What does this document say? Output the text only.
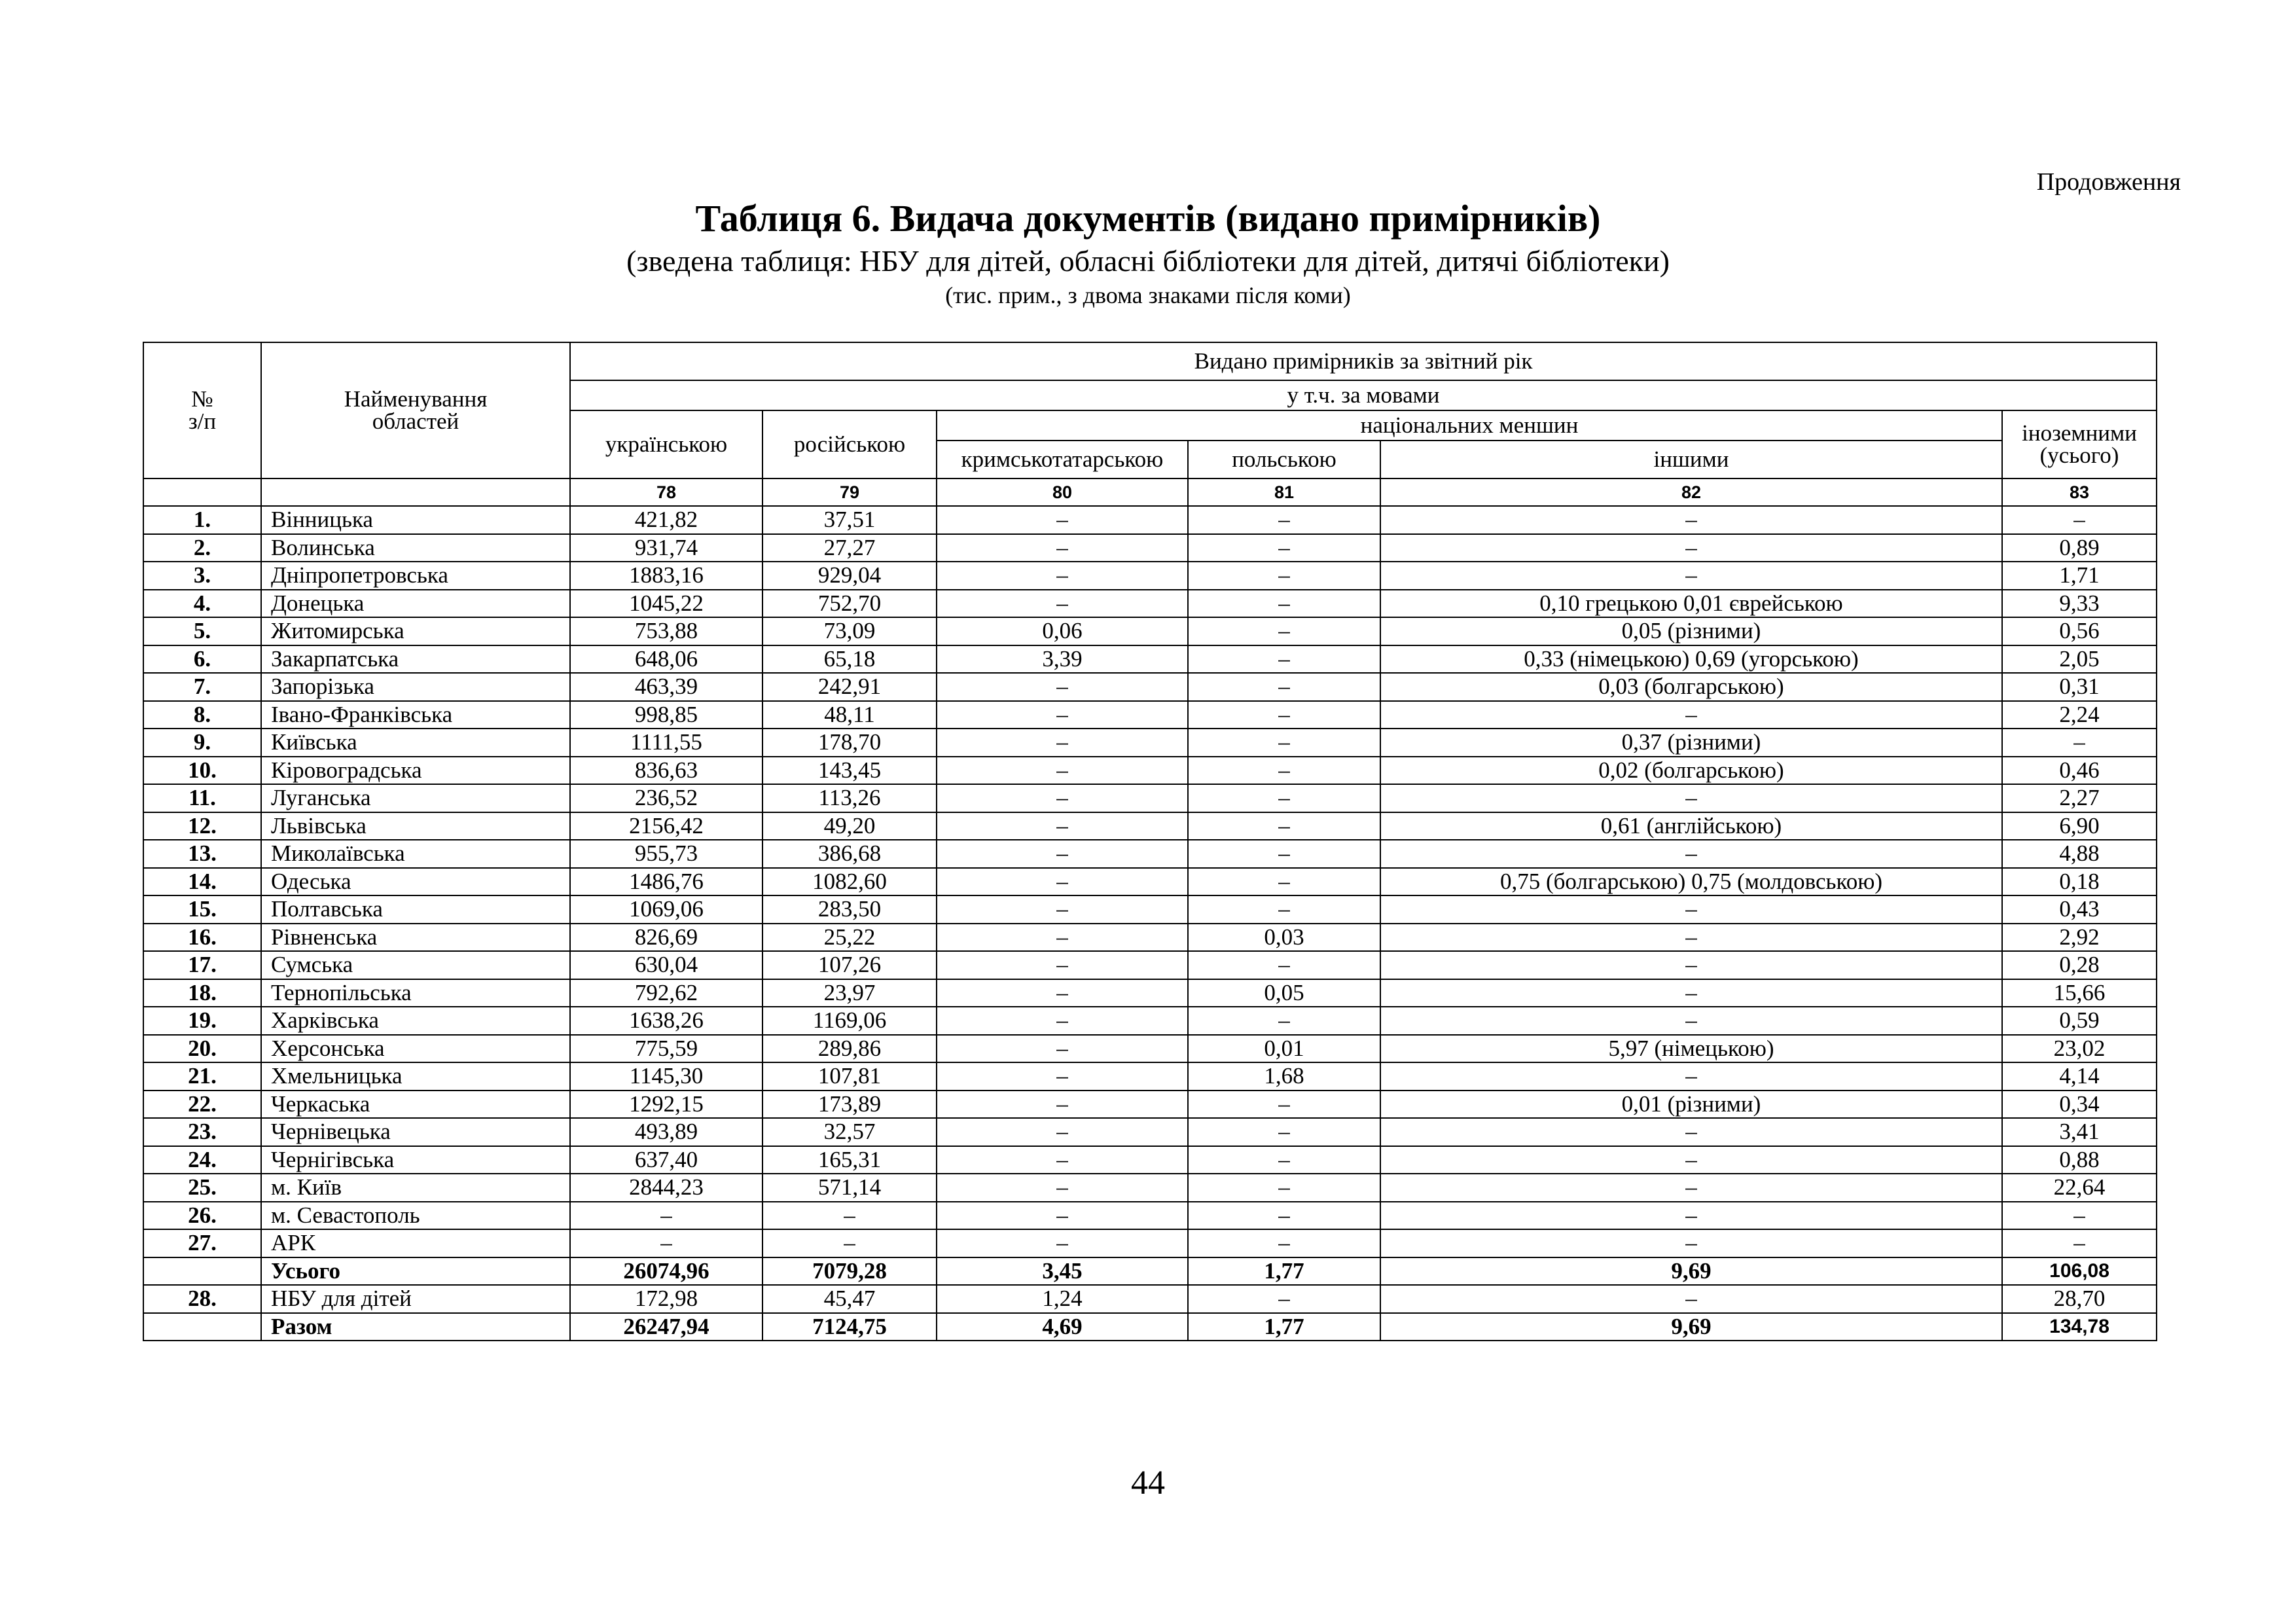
Продовження
Таблиця 6. Видача документів (видано примірників)
(зведена таблиця: НБУ для дітей, обласні бібліотеки для дітей, дитячі бібліотеки)
(тис. прим., з двома знаками після коми)
№
з/п	Найменування
областей	Видано примірників за звітний рік					
		у т.ч. за мовами					
		українською	російською	національних меншин			іноземними
(усього)
				кримськотатарською	польською	іншими	
		78	79	80	81	82	83
1.	Вінницька	421,82	37,51	–	–	–	–
2.	Волинська	931,74	27,27	–	–	–	0,89
3.	Дніпропетровська	1883,16	929,04	–	–	–	1,71
4.	Донецька	1045,22	752,70	–	–	0,10 грецькою 0,01 єврейською	9,33
5.	Житомирська	753,88	73,09	0,06	–	0,05 (різними)	0,56
6.	Закарпатська	648,06	65,18	3,39	–	0,33 (німецькою) 0,69 (угорською)	2,05
7.	Запорізька	463,39	242,91	–	–	0,03 (болгарською)	0,31
8.	Івано-Франківська	998,85	48,11	–	–	–	2,24
9.	Київська	1111,55	178,70	–	–	0,37 (різними)	–
10.	Кіровоградська	836,63	143,45	–	–	0,02 (болгарською)	0,46
11.	Луганська	236,52	113,26	–	–	–	2,27
12.	Львівська	2156,42	49,20	–	–	0,61 (англійською)	6,90
13.	Миколаївська	955,73	386,68	–	–	–	4,88
14.	Одеська	1486,76	1082,60	–	–	0,75 (болгарською) 0,75 (молдовською)	0,18
15.	Полтавська	1069,06	283,50	–	–	–	0,43
16.	Рівненська	826,69	25,22	–	0,03	–	2,92
17.	Сумська	630,04	107,26	–	–	–	0,28
18.	Тернопільська	792,62	23,97	–	0,05	–	15,66
19.	Харківська	1638,26	1169,06	–	–	–	0,59
20.	Херсонська	775,59	289,86	–	0,01	5,97 (німецькою)	23,02
21.	Хмельницька	1145,30	107,81	–	1,68	–	4,14
22.	Черкаська	1292,15	173,89	–	–	0,01 (різними)	0,34
23.	Чернівецька	493,89	32,57	–	–	–	3,41
24.	Чернігівська	637,40	165,31	–	–	–	0,88
25.	м. Київ	2844,23	571,14	–	–	–	22,64
26.	м. Севастополь	–	–	–	–	–	–
27.	АРК	–	–	–	–	–	–
	Усього	26074,96	7079,28	3,45	1,77	9,69	106,08
28.	НБУ для дітей	172,98	45,47	1,24	–	–	28,70
	Разом	26247,94	7124,75	4,69	1,77	9,69	134,78
44
